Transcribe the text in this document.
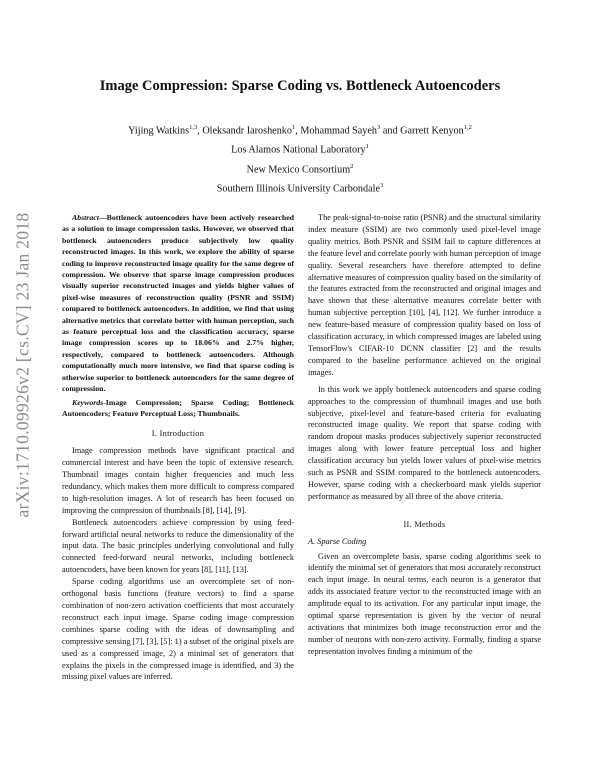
Image Compression: Sparse Coding vs. Bottleneck Autoencoders
Yijing Watkins$^{1,3}$, Oleksandr Iaroshenko$^1$, Mohammad Sayeh$^3$ and Garrett Kenyon$^{1,2}$
Los Alamos National Laboratory$^1$
New Mexico Consortium$^2$
Southern Illinois University Carbondale$^3$
arXiv:1710.09926v2 [cs.CV] 23 Jan 2018	Abstract—Bottleneck autoencoders have been actively researched as a solution to image compression tasks. However, we observed that bottleneck autoencoders produce subjectively low quality reconstructed images. In this work, we explore the ability of sparse coding to improve reconstructed image quality for the same degree of compression. We observe that sparse image compression produces visually superior reconstructed images and yields higher values of pixel-wise measures of reconstruction quality (PSNR and SSIM) compared to bottleneck autoencoders. In addition, we find that using alternative metrics that correlate better with human perception, such as feature perceptual loss and the classification accuracy, sparse image compression scores up to 18.06% and 2.7% higher, respectively, compared to bottleneck autoencoders. Although computationally much more intensive, we find that sparse coding is otherwise superior to bottleneck autoencoders for the same degree of compression.

Keywords-Image Compression; Sparse Coding; Bottleneck Autoencoders; Feature Perceptual Loss; Thumbnails.

I. Introduction

Image compression methods have significant practical and commercial interest and have been the topic of extensive research. Thumbnail images contain higher frequencies and much less redundancy, which makes them more difficult to compress compared to high-resolution images. A lot of research has been focused on improving the compression of thumbnails [8], [14], [9].

Bottleneck autoencoders achieve compression by using feed-forward artificial neural networks to reduce the dimensionality of the input data. The basic principles underlying convolutional and fully connected feed-forward neural networks, including bottleneck autoencoders, have been known for years [8], [11], [13].

Sparse coding algorithms use an overcomplete set of non-orthogonal basis functions (feature vectors) to find a sparse combination of non-zero activation coefficients that most accurately reconstruct each input image. Sparse coding image compression combines sparse coding with the ideas of downsampling and compressive sensing [7], [3], [5]: 1) a subset of the original pixels are used as a compressed image, 2) a minimal set of generators that explains the pixels in the compressed image is identified, and 3) the missing pixel values are inferred.

The peak-signal-to-noise ratio (PSNR) and the structural similarity index measure (SSIM) are two commonly used pixel-level image quality metrics. Both PSNR and SSIM fail to capture differences at the feature level and correlate poorly with human perception of image quality. Several researchers have therefore attempted to define alternative measures of compression quality based on the similarity of the features extracted from the reconstructed and original images and have shown that these alternative measures correlate better with human subjective perception [10], [4], [12]. We further introduce a new feature-based measure of compression quality based on loss of classification accuracy, in which compressed images are labeled using TensorFlow's CIFAR-10 DCNN classifier [2] and the results compared to the baseline performance achieved on the original images.

In this work we apply bottleneck autoencoders and sparse coding approaches to the compression of thumbnail images and use both subjective, pixel-level and feature-based criteria for evaluating reconstructed image quality. We report that sparse coding with random dropout masks produces subjectively superior reconstructed images along with lower feature perceptual loss and higher classification accuracy but yields lower values of pixel-wise metrics such as PSNR and SSIM compared to the bottleneck autoencoders. However, sparse coding with a checkerboard mask yields superior performance as measured by all three of the above criteria.

II. Methods

A. Sparse Coding

Given an overcomplete basis, sparse coding algorithms seek to identify the minimal set of generators that most accurately reconstruct each input image. In neural terms, each neuron is a generator that adds its associated feature vector to the reconstructed image with an amplitude equal to its activation. For any particular input image, the optimal sparse representation is given by the vector of neural activations that minimizes both image reconstruction error and the number of neurons with non-zero activity. Formally, finding a sparse representation involves finding a minimum of the
